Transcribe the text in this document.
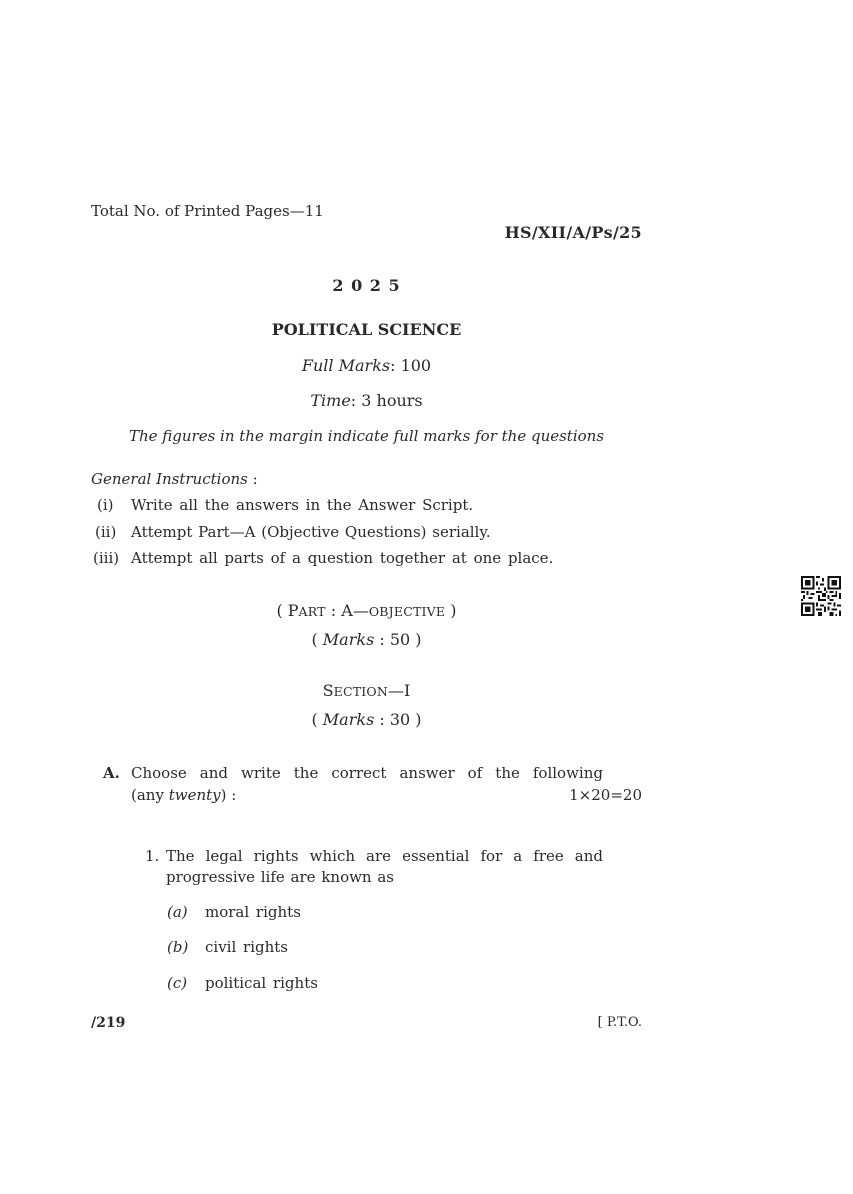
Total No. of Printed Pages—11
HS/XII/A/Ps/25
2 0 2 5
POLITICAL SCIENCE
Full Marks: 100
Time: 3 hours
The figures in the margin indicate full marks for the questions
General Instructions :
(i) Write all the answers in the Answer Script.
(ii) Attempt Part—A (Objective Questions) serially.
(iii) Attempt all parts of a question together at one place.
( PART : A—OBJECTIVE )
( Marks : 50 )
SECTION—I
( Marks : 30 )
A. Choose and write the correct answer of the following
(any twenty) :	1×20=20
1. The legal rights which are essential for a free and
progressive life are known as
(a) moral rights
(b) civil rights
(c) political rights
/219	[ P.T.O.
